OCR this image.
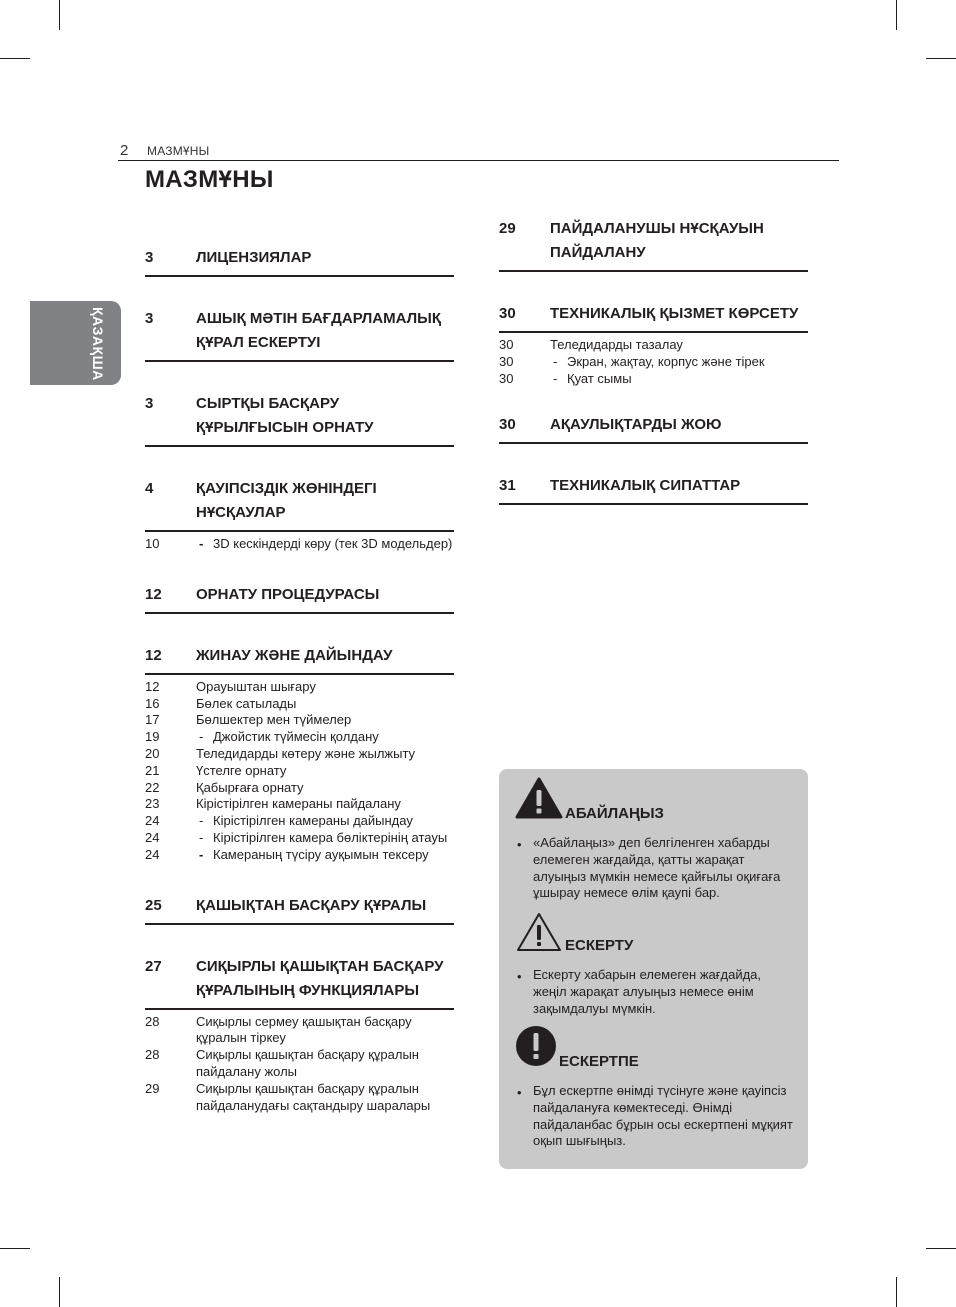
2 МАЗМҰНЫ
МАЗМҰНЫ
ҚАЗАҚША
3	ЛИЦЕНЗИЯЛАР
3	АШЫҚ МӘТІН БАҒДАРЛАМАЛЫҚ ҚҰРАЛ ЕСКЕРТУІ
3	СЫРТҚЫ БАСҚАРУ ҚҰРЫЛҒЫСЫН ОРНАТУ
4	ҚАУІПСІЗДІК ЖӨНІНДЕГІ НҰСҚАУЛАР
10	- 3D кескіндерді көру (тек 3D модельдер)
12	ОРНАТУ ПРОЦЕДУРАСЫ
12	ЖИНАУ ЖӘНЕ ДАЙЫНДАУ
12	Орауыштан шығару
16	Бөлек сатылады
17	Бөлшектер мен түймелер
19	- Джойстик түймесін қолдану
20	Теледидарды көтеру және жылжыту
21	Үстелге орнату
22	Қабырғаға орнату
23	Кірістірілген камераны пайдалану
24	- Кірістірілген камераны дайындау
24	- Кірістірілген камера бөліктерінің атауы
24	- Камераның түсіру ауқымын тексеру
25	ҚАШЫҚТАН БАСҚАРУ ҚҰРАЛЫ
27	СИҚЫРЛЫ ҚАШЫҚТАН БАСҚАРУ ҚҰРАЛЫНЫҢ ФУНКЦИЯЛАРЫ
28	Сиқырлы сермеу қашықтан басқару құралын тіркеу
28	Сиқырлы қашықтан басқару құралын пайдалану жолы
29	Сиқырлы қашықтан басқару құралын пайдаланудағы сақтандыру шаралары
29	ПАЙДАЛАНУШЫ НҰСҚАУЫН ПАЙДАЛАНУ
30	ТЕХНИКАЛЫҚ ҚЫЗМЕТ КӨРСЕТУ
30	Теледидарды тазалау
30	- Экран, жақтау, корпус және тірек
30	- Қуат сымы
30	АҚАУЛЫҚТАРДЫ ЖОЮ
31	ТЕХНИКАЛЫҚ СИПАТТАР
АБАЙЛАҢЫЗ
• «Абайлаңыз» деп белгіленген хабарды елемеген жағдайда, қатты жарақат алуыңыз мүмкін немесе қайғылы оқиғаға ұшырау немесе өлім қаупі бар.
ЕСКЕРТУ
• Ескерту хабарын елемеген жағдайда, жеңіл жарақат алуыңыз немесе өнім зақымдалуы мүмкін.
ЕСКЕРТПЕ
• Бұл ескертпе өнімді түсінуге және қауіпсіз пайдалануға көмектеседі. Өнімді пайдаланбас бұрын осы ескертпені мұқият оқып шығыңыз.
